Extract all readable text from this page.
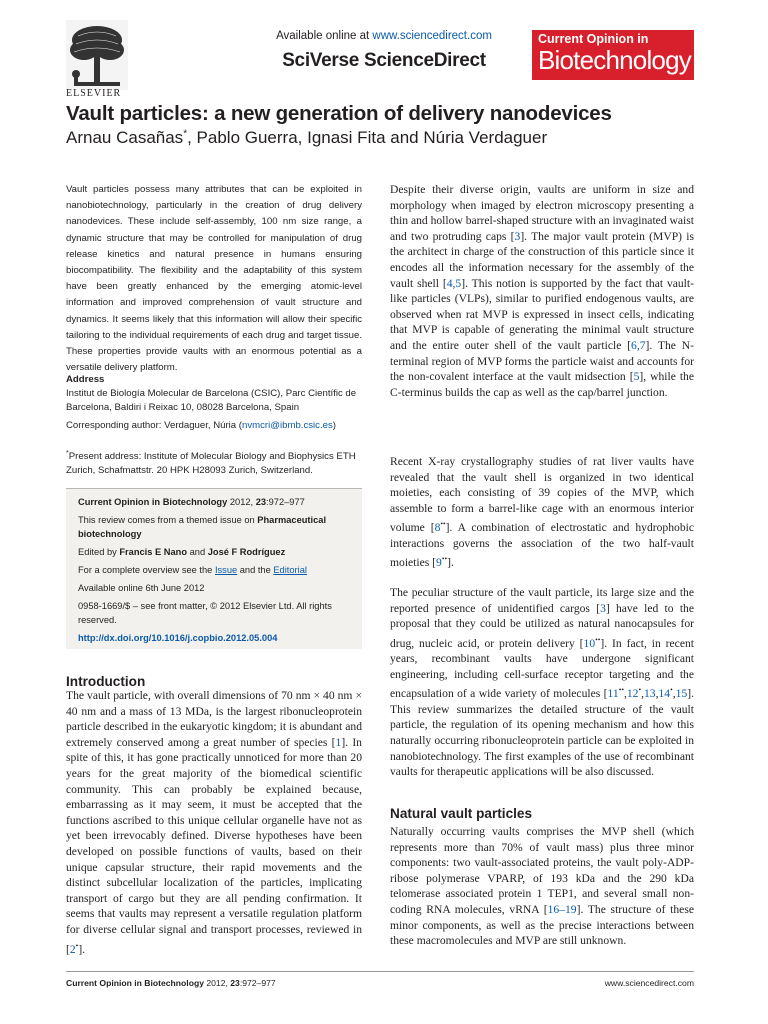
ELSEVIER
Available online at www.sciencedirect.com
SciVerse ScienceDirect
Current Opinion in
Biotechnology
Vault particles: a new generation of delivery nanodevices
Arnau Casañas*, Pablo Guerra, Ignasi Fita and Núria Verdaguer
Vault particles possess many attributes that can be exploited in nanobiotechnology, particularly in the creation of drug delivery nanodevices. These include self-assembly, 100 nm size range, a dynamic structure that may be controlled for manipulation of drug release kinetics and natural presence in humans ensuring biocompatibility. The flexibility and the adaptability of this system have been greatly enhanced by the emerging atomic-level information and improved comprehension of vault structure and dynamics. It seems likely that this information will allow their specific tailoring to the individual requirements of each drug and target tissue. These properties provide vaults with an enormous potential as a versatile delivery platform.
Address
Institut de Biología Molecular de Barcelona (CSIC), Parc Científic de Barcelona, Baldiri i Reixac 10, 08028 Barcelona, Spain
Corresponding author: Verdaguer, Núria (nvmcri@ibmb.csic.es)
*Present address: Institute of Molecular Biology and Biophysics ETH Zurich, Schafmattstr. 20 HPK H28093 Zurich, Switzerland.

Current Opinion in Biotechnology 2012, 23:972–977

This review comes from a themed issue on Pharmaceutical biotechnology

Edited by Francis E Nano and José F Rodríguez

For a complete overview see the Issue and the Editorial

Available online 6th June 2012

0958-1669/$ – see front matter, © 2012 Elsevier Ltd. All rights reserved.

http://dx.doi.org/10.1016/j.copbio.2012.05.004

Introduction
The vault particle, with overall dimensions of 70 nm × 40 nm × 40 nm and a mass of 13 MDa, is the largest ribonucleoprotein particle described in the eukaryotic kingdom; it is abundant and extremely conserved among a great number of species [1]. In spite of this, it has gone practically unnoticed for more than 20 years for the great majority of the biomedical scientific community. This can probably be explained because, embarrassing as it may seem, it must be accepted that the functions ascribed to this unique cellular organelle have not as yet been irrevocably defined. Diverse hypotheses have been developed on possible functions of vaults, based on their unique capsular structure, their rapid movements and the distinct subcellular localization of the particles, implicating transport of cargo but they are all pending confirmation. It seems that vaults may represent a versatile regulation platform for diverse cellular signal and transport processes, reviewed in [2•].
Despite their diverse origin, vaults are uniform in size and morphology when imaged by electron microscopy presenting a thin and hollow barrel-shaped structure with an invaginated waist and two protruding caps [3]. The major vault protein (MVP) is the architect in charge of the construction of this particle since it encodes all the information necessary for the assembly of the vault shell [4,5]. This notion is supported by the fact that vault-like particles (VLPs), similar to purified endogenous vaults, are observed when rat MVP is expressed in insect cells, indicating that MVP is capable of generating the minimal vault structure and the entire outer shell of the vault particle [6,7]. The N-terminal region of MVP forms the particle waist and accounts for the non-covalent interface at the vault midsection [5], while the C-terminus builds the cap as well as the cap/barrel junction.
Recent X-ray crystallography studies of rat liver vaults have revealed that the vault shell is organized in two identical moieties, each consisting of 39 copies of the MVP, which assemble to form a barrel-like cage with an enormous interior volume [8••]. A combination of electrostatic and hydrophobic interactions governs the association of the two half-vault moieties [9••].
The peculiar structure of the vault particle, its large size and the reported presence of unidentified cargos [3] have led to the proposal that they could be utilized as natural nanocapsules for drug, nucleic acid, or protein delivery [10••]. In fact, in recent years, recombinant vaults have undergone significant engineering, including cell-surface receptor targeting and the encapsulation of a wide variety of molecules [11••,12•,13,14•,15]. This review summarizes the detailed structure of the vault particle, the regulation of its opening mechanism and how this naturally occurring ribonucleoprotein particle can be exploited in nanobiotechnology. The first examples of the use of recombinant vaults for therapeutic applications will be also discussed.
Natural vault particles
Naturally occurring vaults comprises the MVP shell (which represents more than 70% of vault mass) plus three minor components: two vault-associated proteins, the vault poly-ADP-ribose polymerase VPARP, of 193 kDa and the 290 kDa telomerase associated protein 1 TEP1, and several small non-coding RNA molecules, vRNA [16–19]. The structure of these minor components, as well as the precise interactions between these macromolecules and MVP are still unknown.
Current Opinion in Biotechnology 2012, 23:972–977	www.sciencedirect.com
